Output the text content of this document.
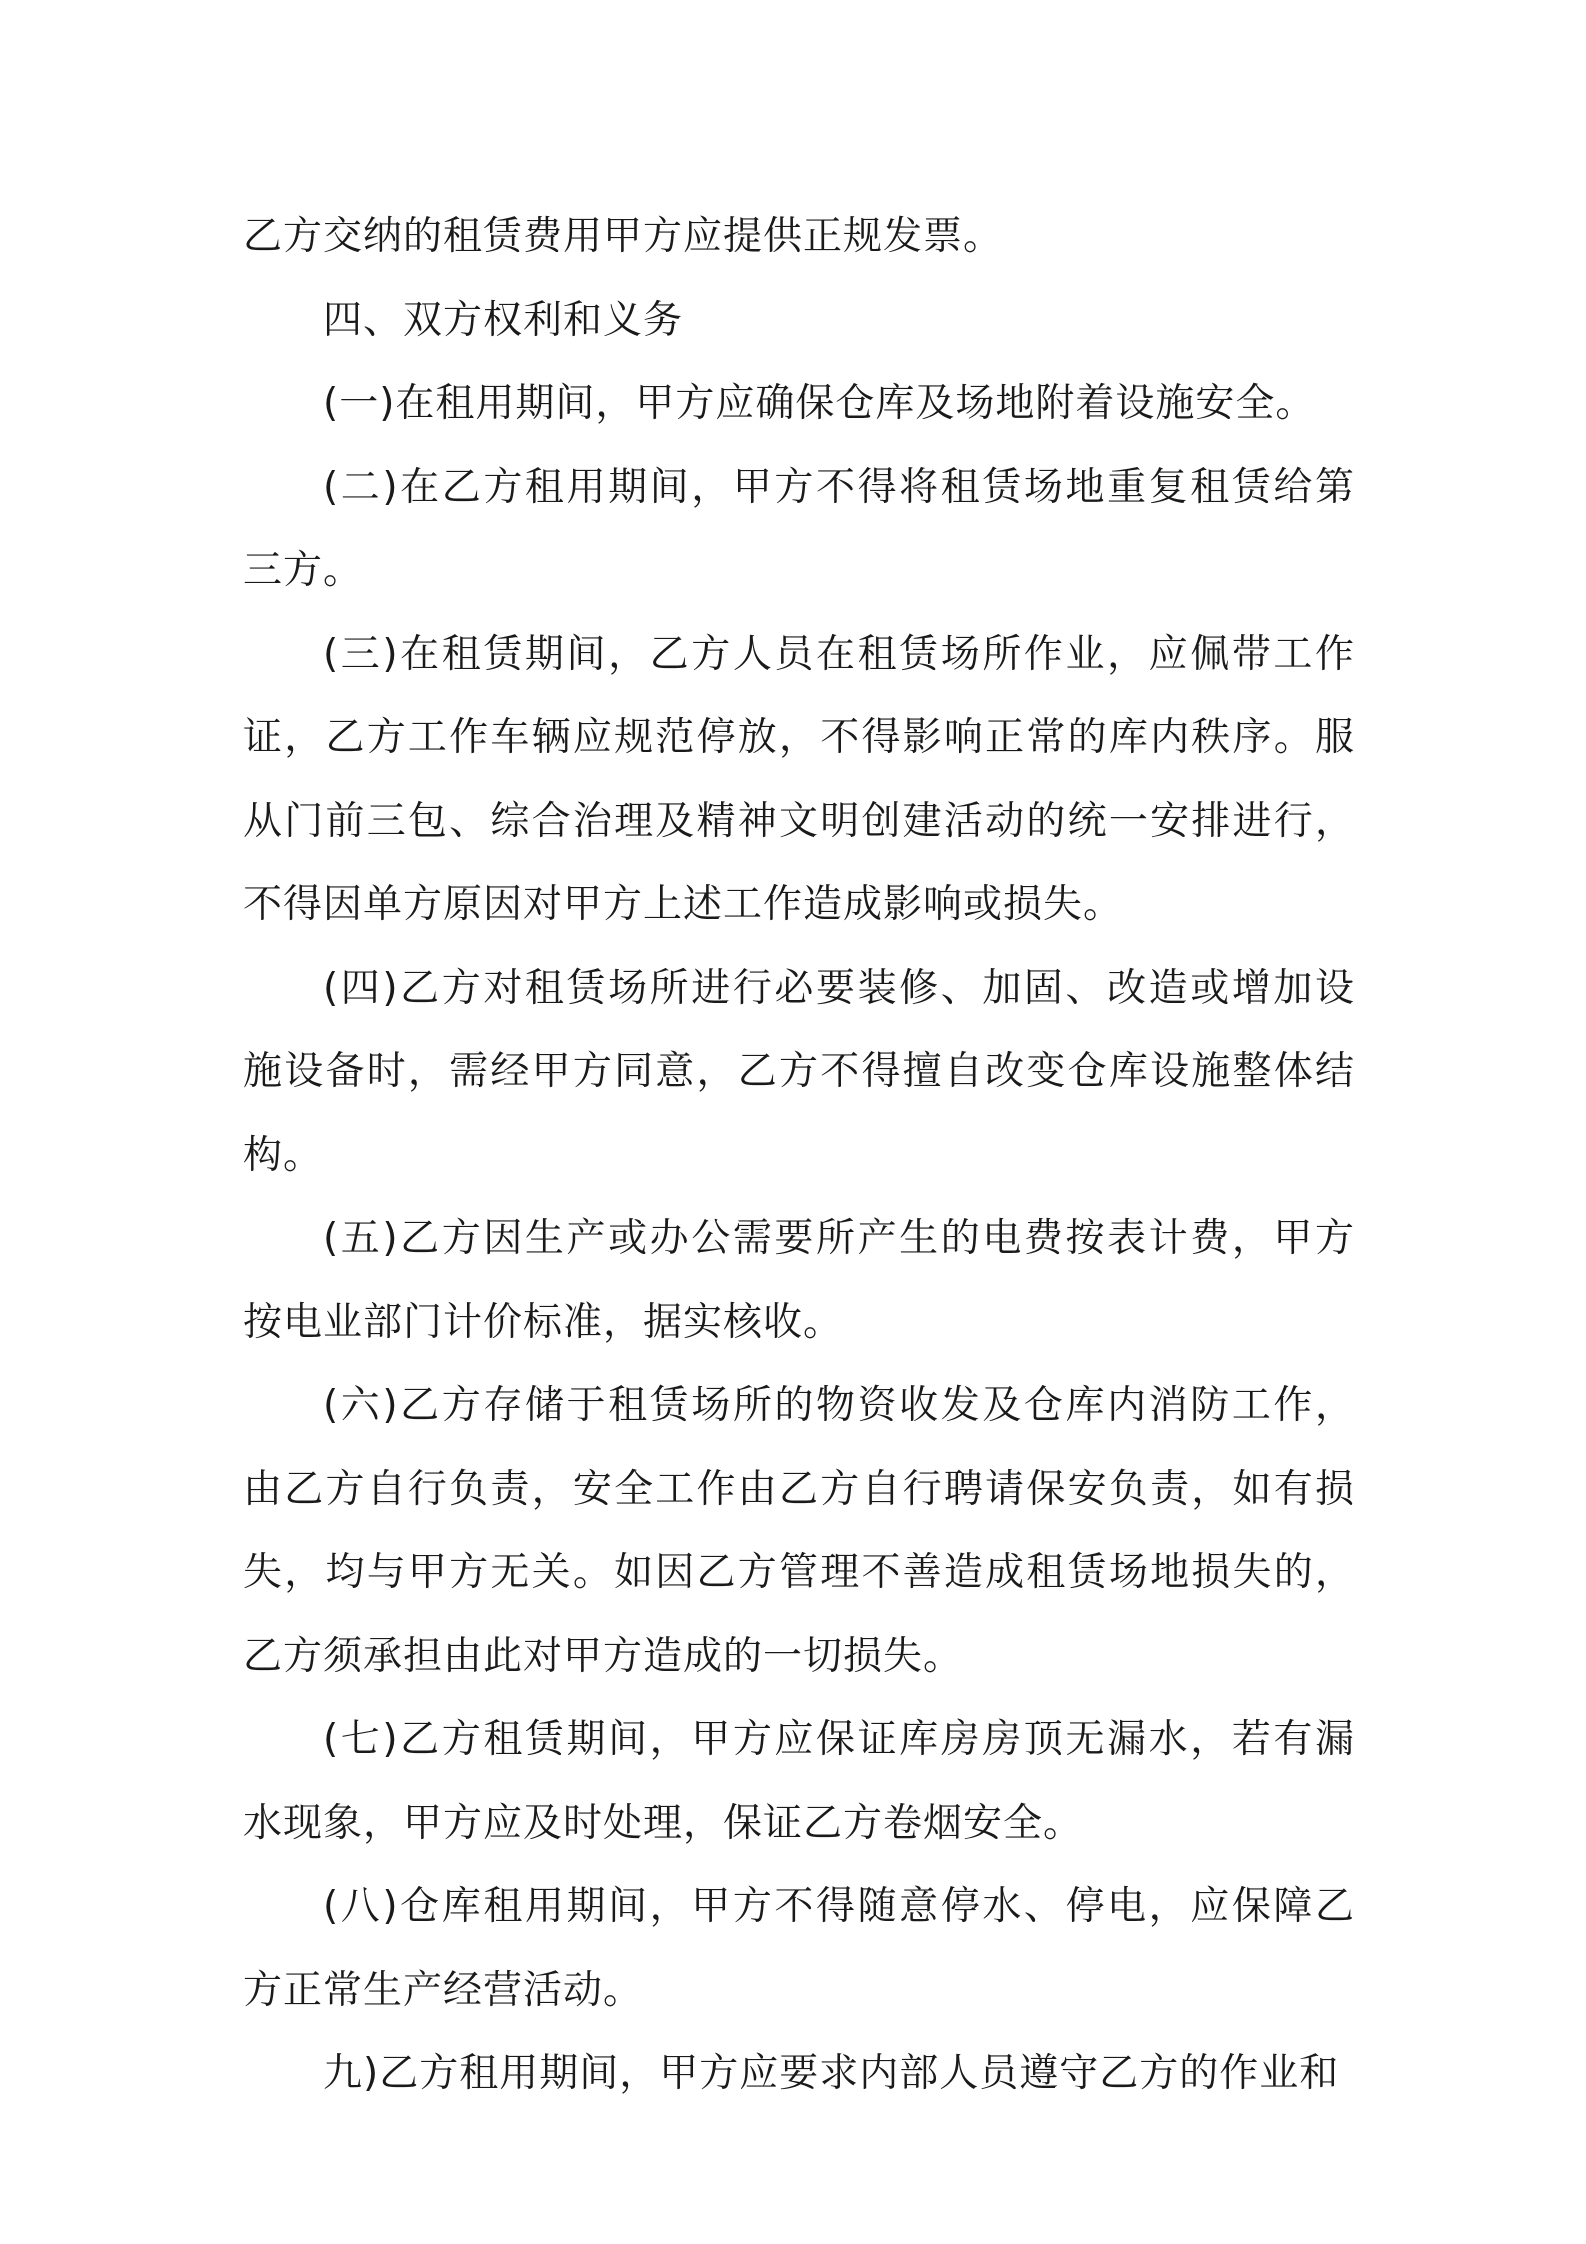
乙方交纳的租赁费用甲方应提供正规发票。

四、双方权利和义务

(一)在租用期间，甲方应确保仓库及场地附着设施安全。

(二)在乙方租用期间，甲方不得将租赁场地重复租赁给第三方。

(三)在租赁期间，乙方人员在租赁场所作业，应佩带工作证，乙方工作车辆应规范停放，不得影响正常的库内秩序。服从门前三包、综合治理及精神文明创建活动的统一安排进行，不得因单方原因对甲方上述工作造成影响或损失。

(四)乙方对租赁场所进行必要装修、加固、改造或增加设施设备时，需经甲方同意，乙方不得擅自改变仓库设施整体结构。

(五)乙方因生产或办公需要所产生的电费按表计费，甲方按电业部门计价标准，据实核收。

(六)乙方存储于租赁场所的物资收发及仓库内消防工作，由乙方自行负责，安全工作由乙方自行聘请保安负责，如有损失，均与甲方无关。如因乙方管理不善造成租赁场地损失的，乙方须承担由此对甲方造成的一切损失。

(七)乙方租赁期间，甲方应保证库房房顶无漏水，若有漏水现象，甲方应及时处理，保证乙方卷烟安全。

(八)仓库租用期间，甲方不得随意停水、停电，应保障乙方正常生产经营活动。

九)乙方租用期间，甲方应要求内部人员遵守乙方的作业和
